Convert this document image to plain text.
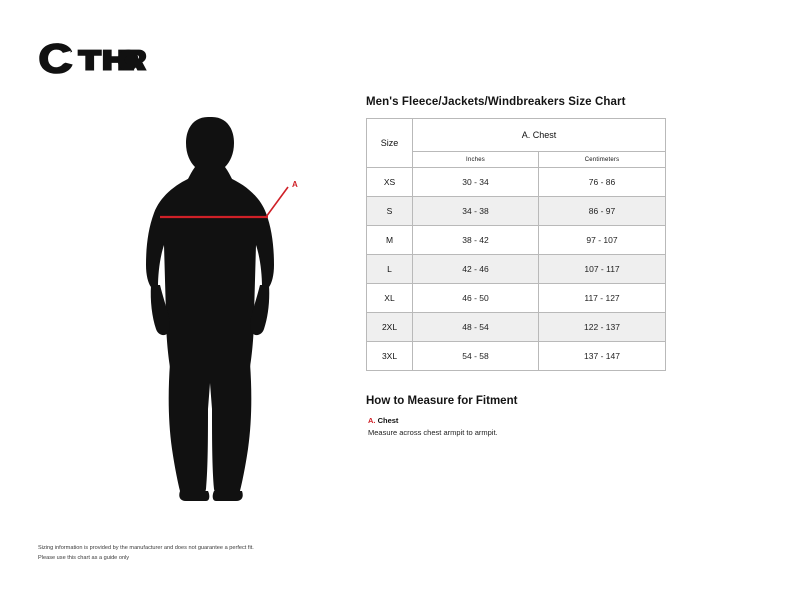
A
Men's Fleece/Jackets/Windbreakers Size Chart
Size	A. Chest	
	Inches	Centimeters
XS	30 - 34	76 - 86
S	34 - 38	86 - 97
M	38 - 42	97 - 107
L	42 - 46	107 - 117
XL	46 - 50	117 - 127
2XL	48 - 54	122 - 137
3XL	54 - 58	137 - 147
How to Measure for Fitment
A. Chest
Measure across chest armpit to armpit.
Sizing information is provided by the manufacturer and does not guarantee a perfect fit.
Please use this chart as a guide only
